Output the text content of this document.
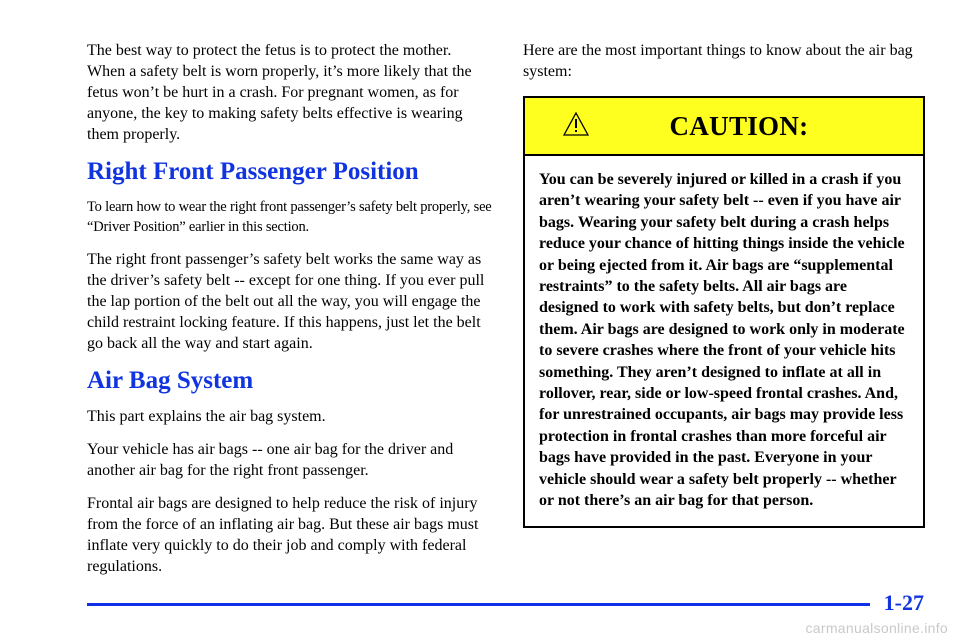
The best way to protect the fetus is to protect the mother. When a safety belt is worn properly, it’s more likely that the fetus won’t be hurt in a crash. For pregnant women, as for anyone, the key to making safety belts effective is wearing them properly.

Right Front Passenger Position

To learn how to wear the right front passenger’s safety belt properly, see “Driver Position” earlier in this section.

The right front passenger’s safety belt works the same way as the driver’s safety belt -- except for one thing. If you ever pull the lap portion of the belt out all the way, you will engage the child restraint locking feature. If this happens, just let the belt go back all the way and start again.

Air Bag System

This part explains the air bag system.

Your vehicle has air bags -- one air bag for the driver and another air bag for the right front passenger.

Frontal air bags are designed to help reduce the risk of injury from the force of an inflating air bag. But these air bags must inflate very quickly to do their job and comply with federal regulations.

Here are the most important things to know about the air bag system:

CAUTION:
You can be severely injured or killed in a crash if you aren’t wearing your safety belt -- even if you have air bags. Wearing your safety belt during a crash helps reduce your chance of hitting things inside the vehicle or being ejected from it. Air bags are “supplemental restraints” to the safety belts. All air bags are designed to work with safety belts, but don’t replace them. Air bags are designed to work only in moderate to severe crashes where the front of your vehicle hits something. They aren’t designed to inflate at all in rollover, rear, side or low-speed frontal crashes. And, for unrestrained occupants, air bags may provide less protection in frontal crashes than more forceful air bags have provided in the past. Everyone in your vehicle should wear a safety belt properly -- whether or not there’s an air bag for that person.
1-27
carmanualsonline.info
